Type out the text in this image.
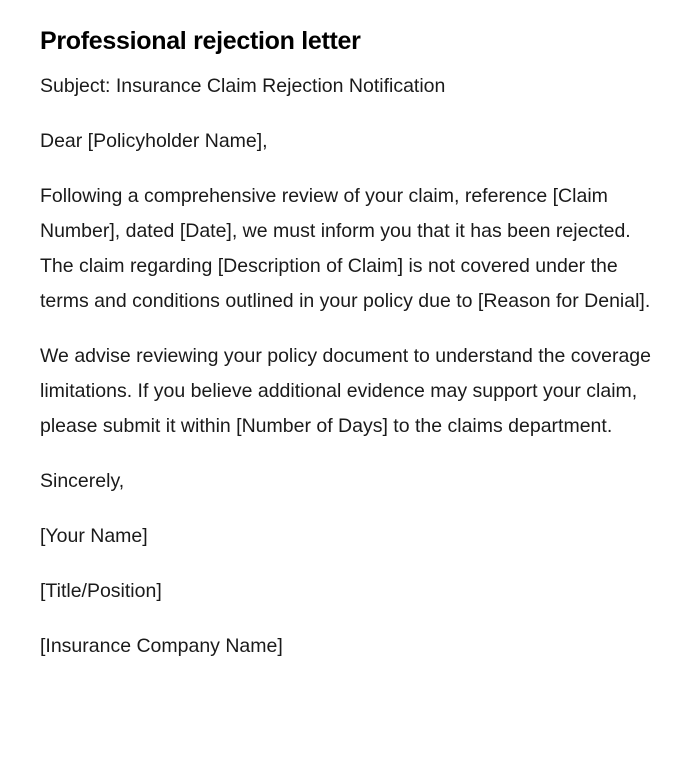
Professional rejection letter

Subject: Insurance Claim Rejection Notification

Dear [Policyholder Name],

Following a comprehensive review of your claim, reference [Claim Number], dated [Date], we must inform you that it has been rejected. The claim regarding [Description of Claim] is not covered under the terms and conditions outlined in your policy due to [Reason for Denial].

We advise reviewing your policy document to understand the coverage limitations. If you believe additional evidence may support your claim, please submit it within [Number of Days] to the claims department.

Sincerely,

[Your Name]

[Title/Position]

[Insurance Company Name]
